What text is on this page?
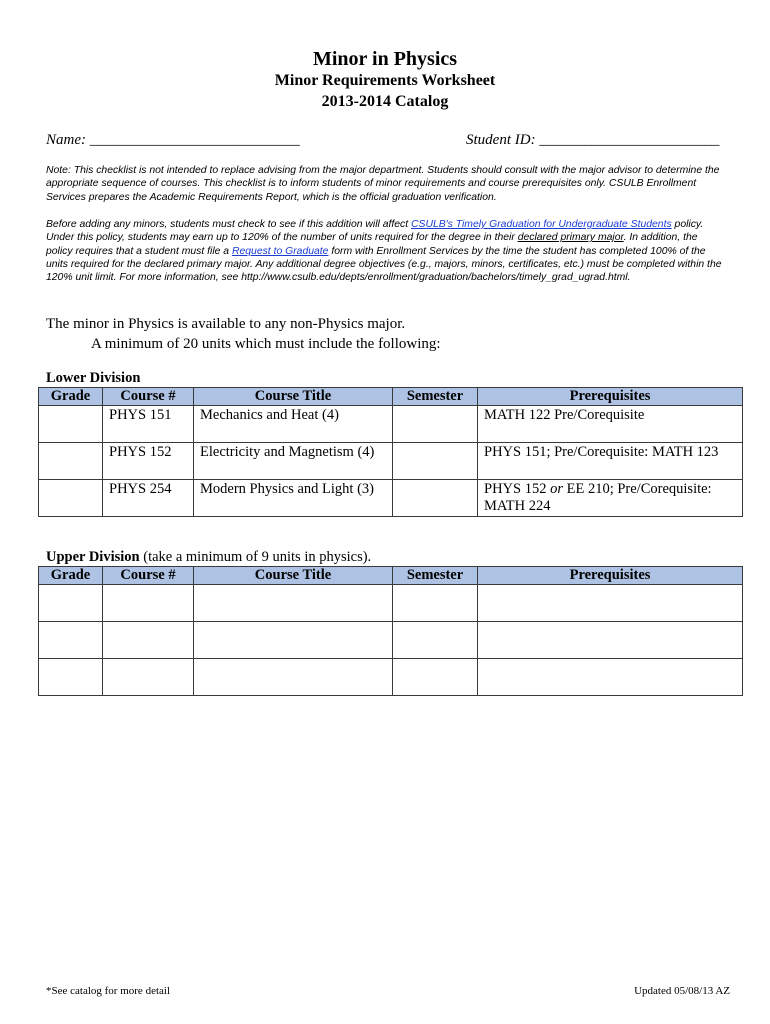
Minor in Physics
Minor Requirements Worksheet
2013-2014 Catalog
Name: ____________________________	Student ID: ________________________
Note: This checklist is not intended to replace advising from the major department. Students should consult with the major advisor to determine the appropriate sequence of courses. This checklist is to inform students of minor requirements and course prerequisites only. CSULB Enrollment Services prepares the Academic Requirements Report, which is the official graduation verification.
Before adding any minors, students must check to see if this addition will affect CSULB's Timely Graduation for Undergraduate Students policy. Under this policy, students may earn up to 120% of the number of units required for the degree in their declared primary major. In addition, the policy requires that a student must file a Request to Graduate form with Enrollment Services by the time the student has completed 100% of the units required for the declared primary major. Any additional degree objectives (e.g., majors, minors, certificates, etc.) must be completed within the 120% unit limit. For more information, see http://www.csulb.edu/depts/enrollment/graduation/bachelors/timely_grad_ugrad.html.
The minor in Physics is available to any non-Physics major.
A minimum of 20 units which must include the following:
Lower Division
Grade	Course #	Course Title	Semester	Prerequisites
	PHYS 151	Mechanics and Heat (4)		MATH 122 Pre/Corequisite
	PHYS 152	Electricity and Magnetism (4)		PHYS 151; Pre/Corequisite: MATH 123
	PHYS 254	Modern Physics and Light (3)		PHYS 152 or EE 210; Pre/Corequisite: MATH 224
Upper Division (take a minimum of 9 units in physics).
Grade	Course #	Course Title	Semester	Prerequisites

*See catalog for more detail	Updated 05/08/13 AZ
